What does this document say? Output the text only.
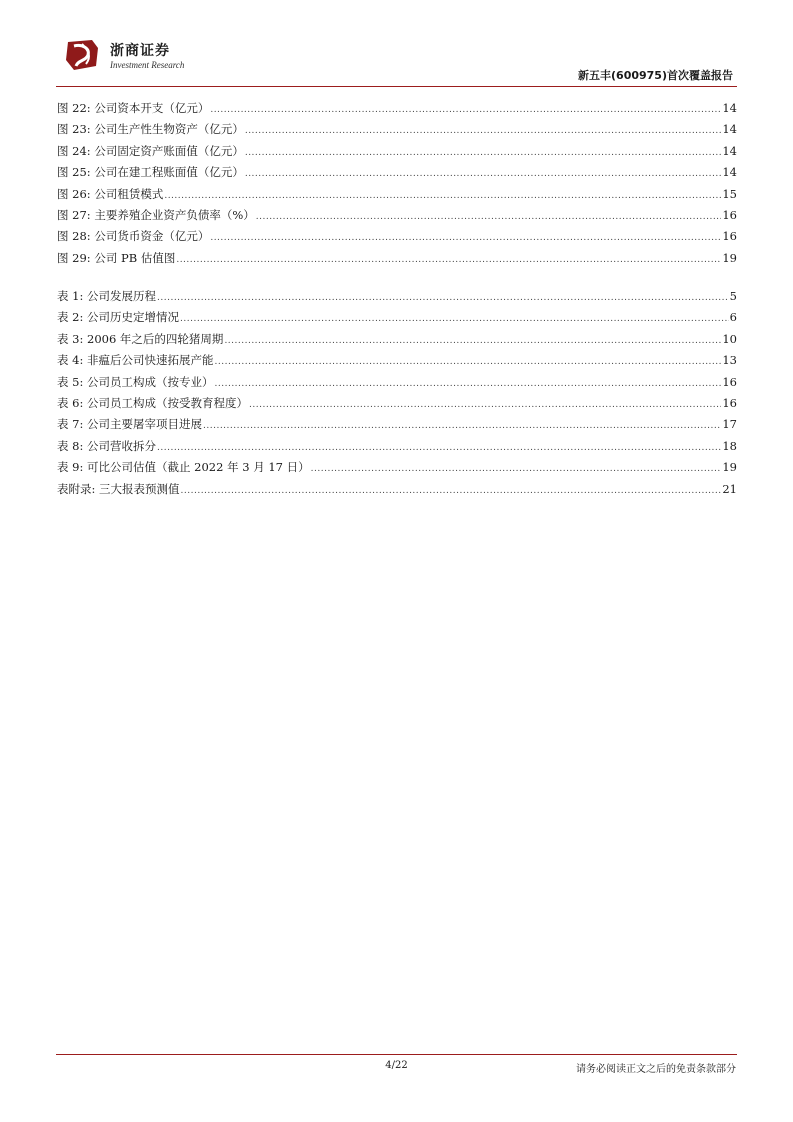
浙商证券
Investment Research
新五丰(600975)首次覆盖报告
图 22: 公司资本开支（亿元） .....	14
图 23: 公司生产性生物资产（亿元） .....	14
图 24: 公司固定资产账面值（亿元） .....	14
图 25: 公司在建工程账面值（亿元） .....	14
图 26: 公司租赁模式 .....	15
图 27: 主要养殖企业资产负债率（%） .....	16
图 28: 公司货币资金（亿元） .....	16
图 29: 公司 PB 估值图 .....	19
表 1: 公司发展历程 .....	5
表 2: 公司历史定增情况 .....	6
表 3: 2006 年之后的四轮猪周期 .....	10
表 4: 非瘟后公司快速拓展产能 .....	13
表 5: 公司员工构成（按专业） .....	16
表 6: 公司员工构成（按受教育程度） .....	16
表 7: 公司主要屠宰项目进展 .....	17
表 8: 公司营收拆分 .....	18
表 9: 可比公司估值（截止 2022 年 3 月 17 日） .....	19
表附录: 三大报表预测值 .....	21
4/22	请务必阅读正文之后的免责条款部分
